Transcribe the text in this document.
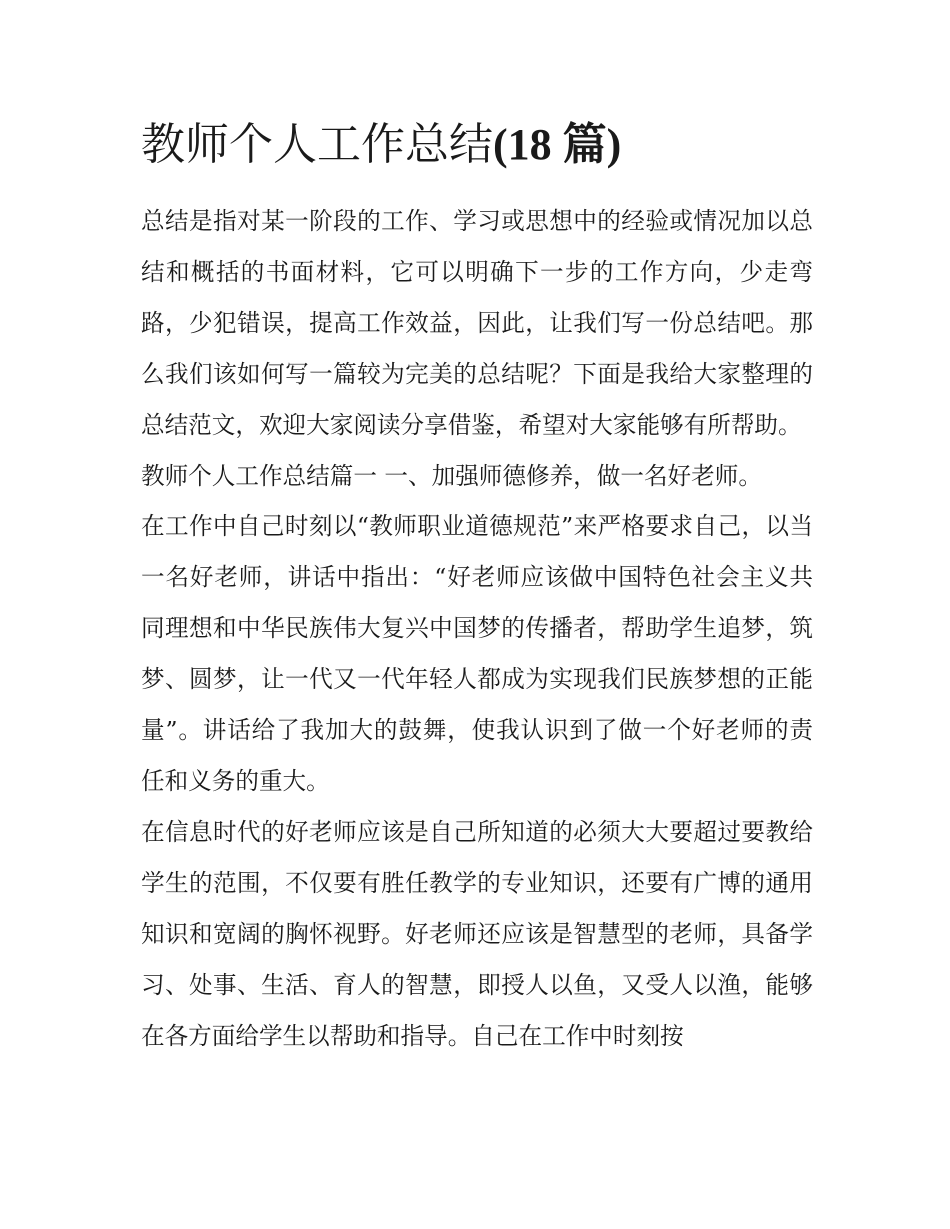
教师个人工作总结(18 篇)

总结是指对某一阶段的工作、学习或思想中的经验或情况加以总结和概括的书面材料，它可以明确下一步的工作方向，少走弯路，少犯错误，提高工作效益，因此，让我们写一份总结吧。那么我们该如何写一篇较为完美的总结呢？下面是我给大家整理的总结范文，欢迎大家阅读分享借鉴，希望对大家能够有所帮助。

教师个人工作总结篇一 一、加强师德修养，做一名好老师。

在工作中自己时刻以“教师职业道德规范”来严格要求自己，以当一名好老师，讲话中指出：“好老师应该做中国特色社会主义共同理想和中华民族伟大复兴中国梦的传播者，帮助学生追梦，筑梦、圆梦，让一代又一代年轻人都成为实现我们民族梦想的正能量”。讲话给了我加大的鼓舞，使我认识到了做一个好老师的责任和义务的重大。

在信息时代的好老师应该是自己所知道的必须大大要超过要教给学生的范围，不仅要有胜任教学的专业知识，还要有广博的通用知识和宽阔的胸怀视野。好老师还应该是智慧型的老师，具备学习、处事、生活、育人的智慧，即授人以鱼，又受人以渔，能够在各方面给学生以帮助和指导。自己在工作中时刻按
